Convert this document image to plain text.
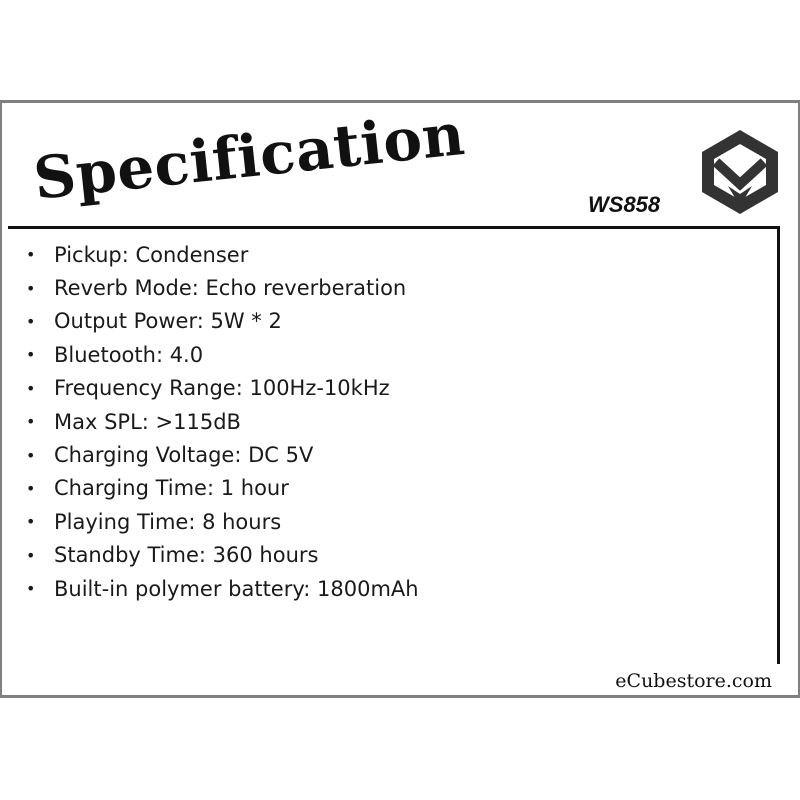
Specification	WS858
• Pickup: Condenser
• Reverb Mode: Echo reverberation
• Output Power: 5W * 2
• Bluetooth: 4.0
• Frequency Range: 100Hz-10kHz
• Max SPL: >115dB
• Charging Voltage: DC 5V
• Charging Time: 1 hour
• Playing Time: 8 hours
• Standby Time: 360 hours
• Built-in polymer battery: 1800mAh
eCubestore.com
